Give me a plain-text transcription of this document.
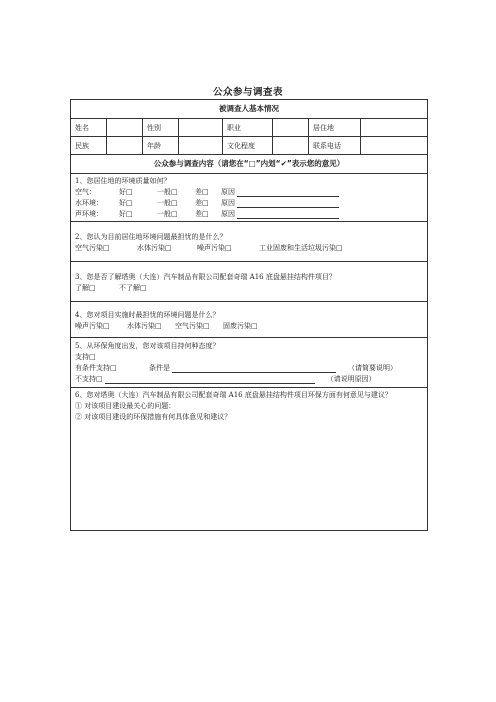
公众参与调查表
被调查人基本情况
姓名	性别	职业	居住地
民族	年龄	文化程度	联系电话
公众参与调查内容（请您在“□”内划“✔”表示您的意见）
1、您居住地的环境质量如何？
空气：	好□	一般□	差□	原因
水环境：	好□	一般□	差□	原因
声环境：	好□	一般□	差□	原因
2、您认为目前居住地环境问题最担忧的是什么？
空气污染□	水体污染□	噪声污染□	工业固废和生活垃圾污染□
3、您是否了解塔奥（大连）汽车制品有限公司配套奇瑞 A16 底盘悬挂结构件项目？
了解□	不了解□
4、您对项目实施时最担忧的环境问题是什么？
噪声污染□	水体污染□	空气污染□	固废污染□
5、从环保角度出发，您对该项目持何种态度？
支持□
有条件支持□	条件是	（请简要说明）
不支持□	（请说明原因）
6、您对塔奥（大连）汽车制品有限公司配套奇瑞 A16 底盘悬挂结构件项目环保方面有何意见与建议？
① 对该项目建设最关心的问题：
② 对该项目建设的环保措施有何具体意见和建议？
